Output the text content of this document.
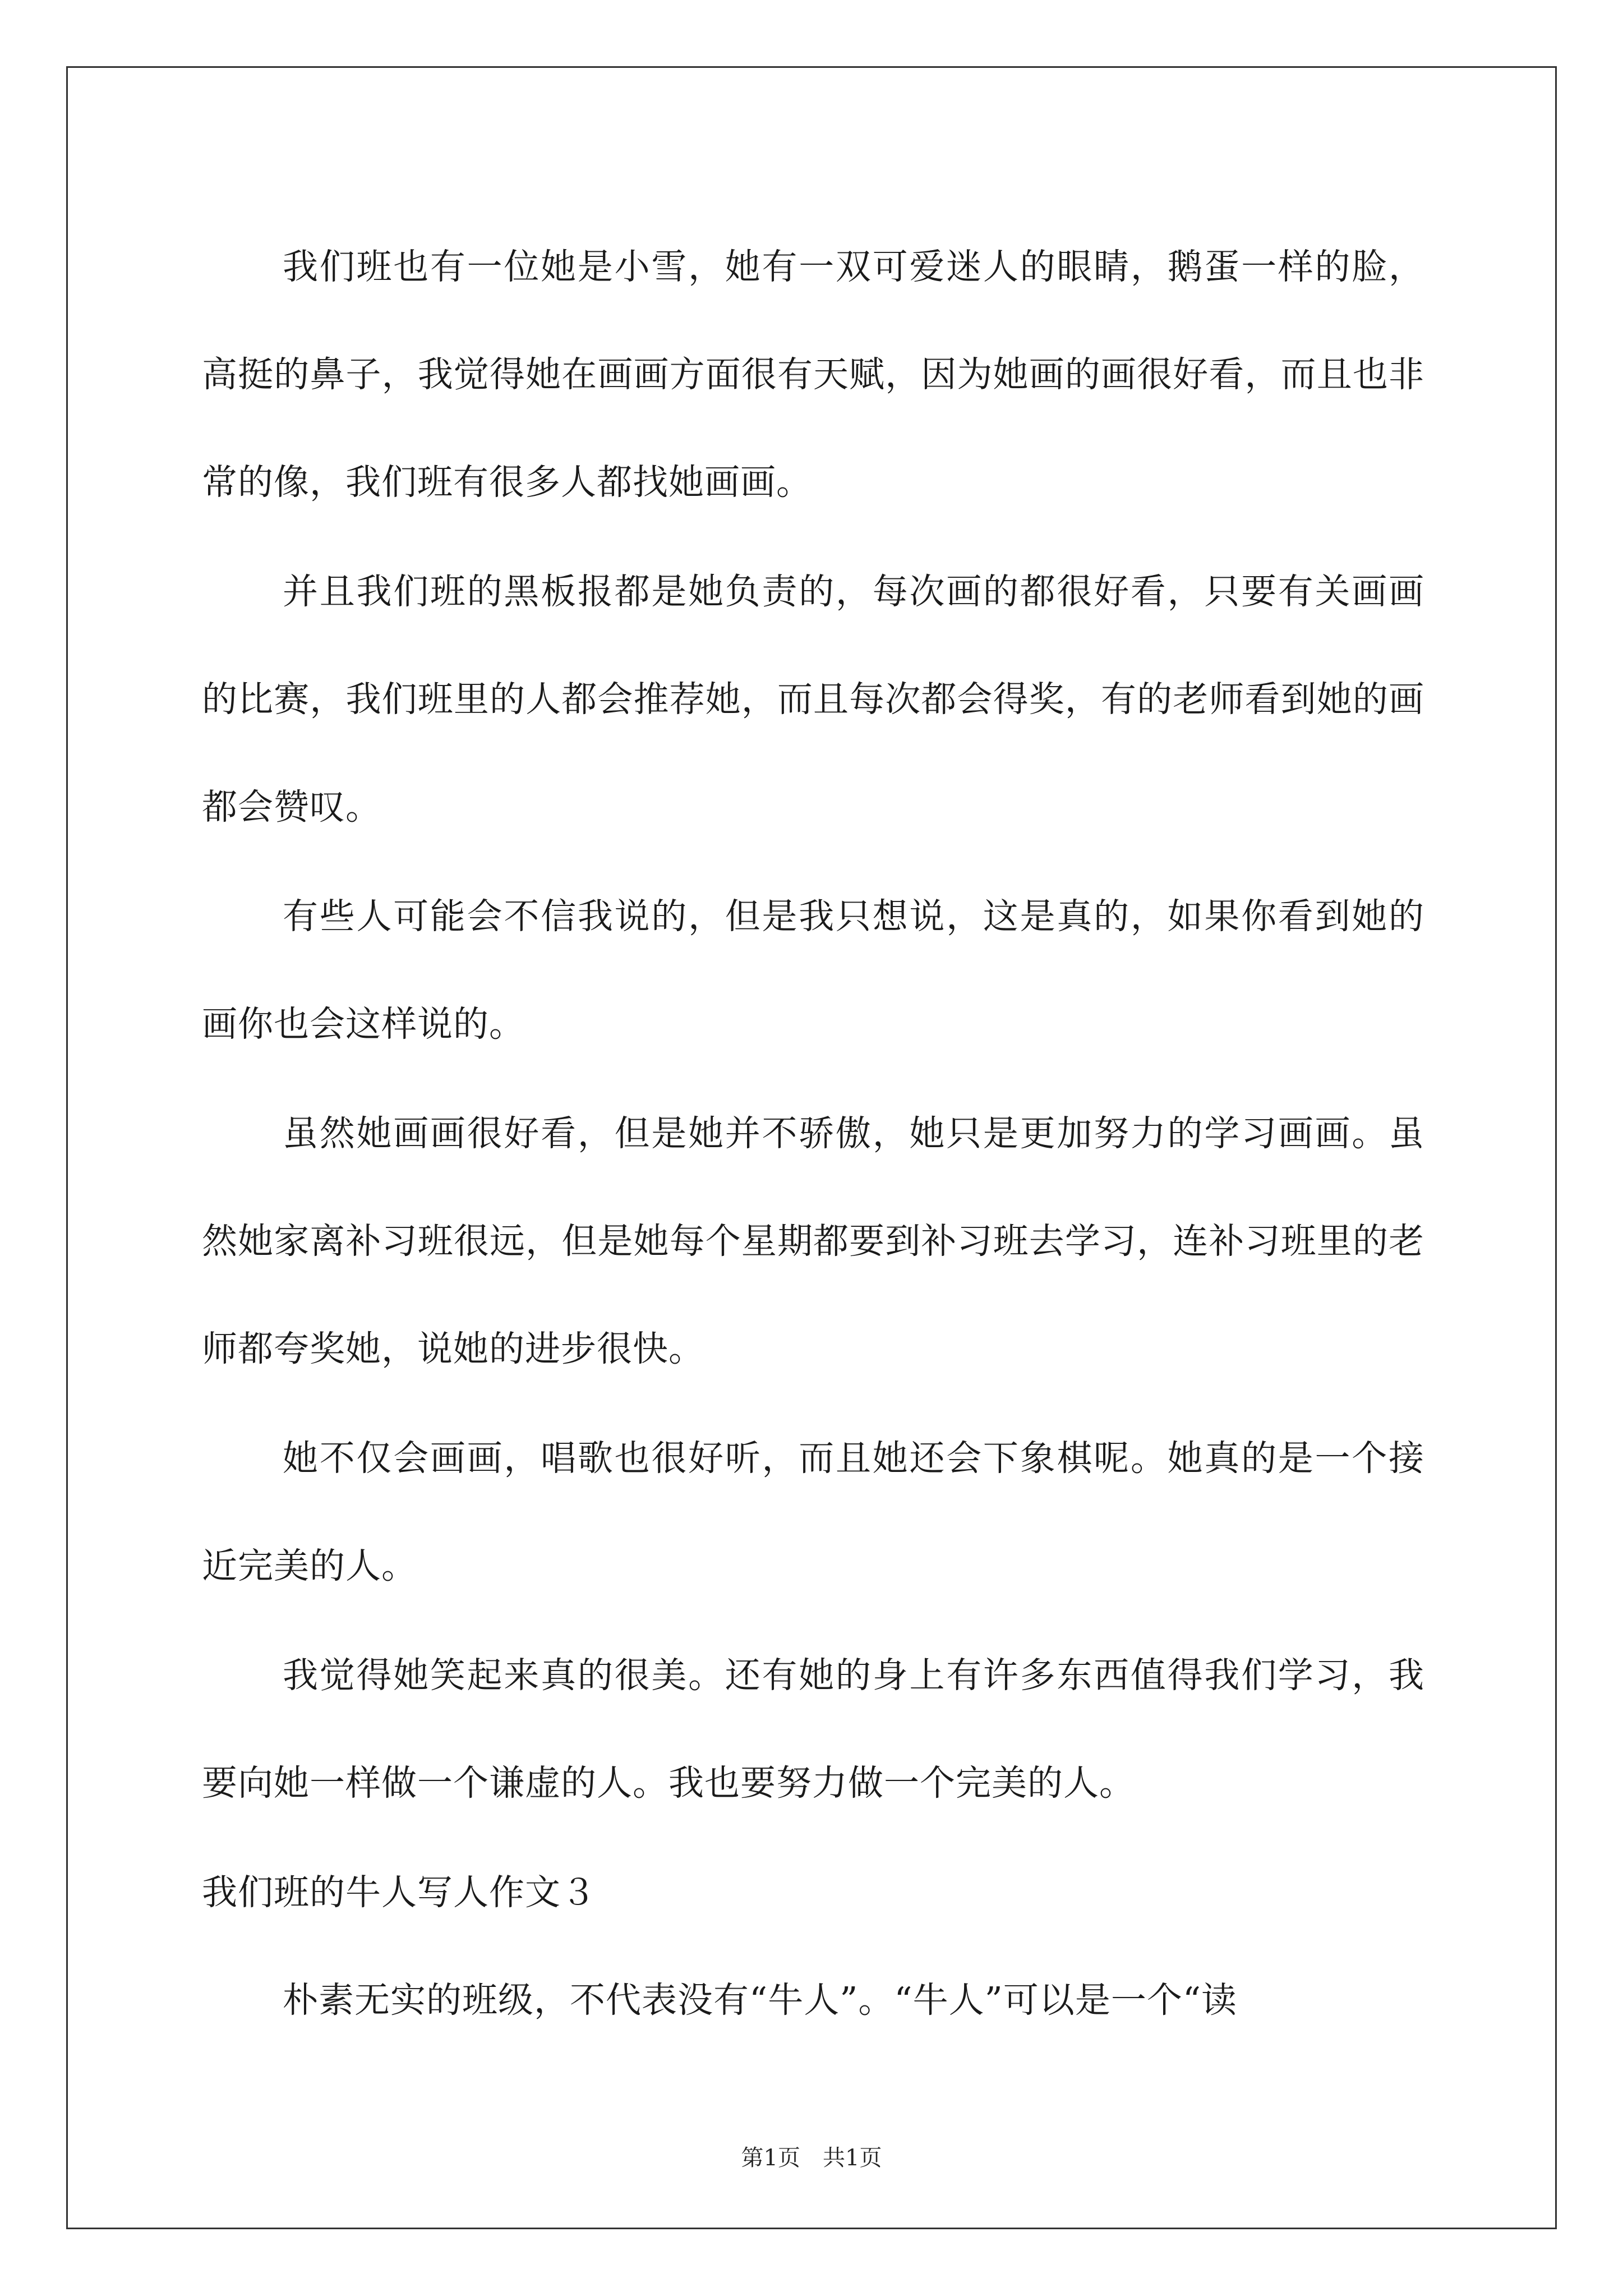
我们班也有一位她是小雪，她有一双可爱迷人的眼睛，鹅蛋一样的脸，高挺的鼻子，我觉得她在画画方面很有天赋，因为她画的画很好看，而且也非常的像，我们班有很多人都找她画画。

并且我们班的黑板报都是她负责的，每次画的都很好看，只要有关画画的比赛，我们班里的人都会推荐她，而且每次都会得奖，有的老师看到她的画都会赞叹。

有些人可能会不信我说的，但是我只想说，这是真的，如果你看到她的画你也会这样说的。

虽然她画画很好看，但是她并不骄傲，她只是更加努力的学习画画。虽然她家离补习班很远，但是她每个星期都要到补习班去学习，连补习班里的老师都夸奖她，说她的进步很快。

她不仅会画画，唱歌也很好听，而且她还会下象棋呢。她真的是一个接近完美的人。

我觉得她笑起来真的很美。还有她的身上有许多东西值得我们学习，我要向她一样做一个谦虚的人。我也要努力做一个完美的人。

我们班的牛人写人作文３

朴素无实的班级，不代表没有“牛人”。“牛人”可以是一个“读

第1页　共1页
